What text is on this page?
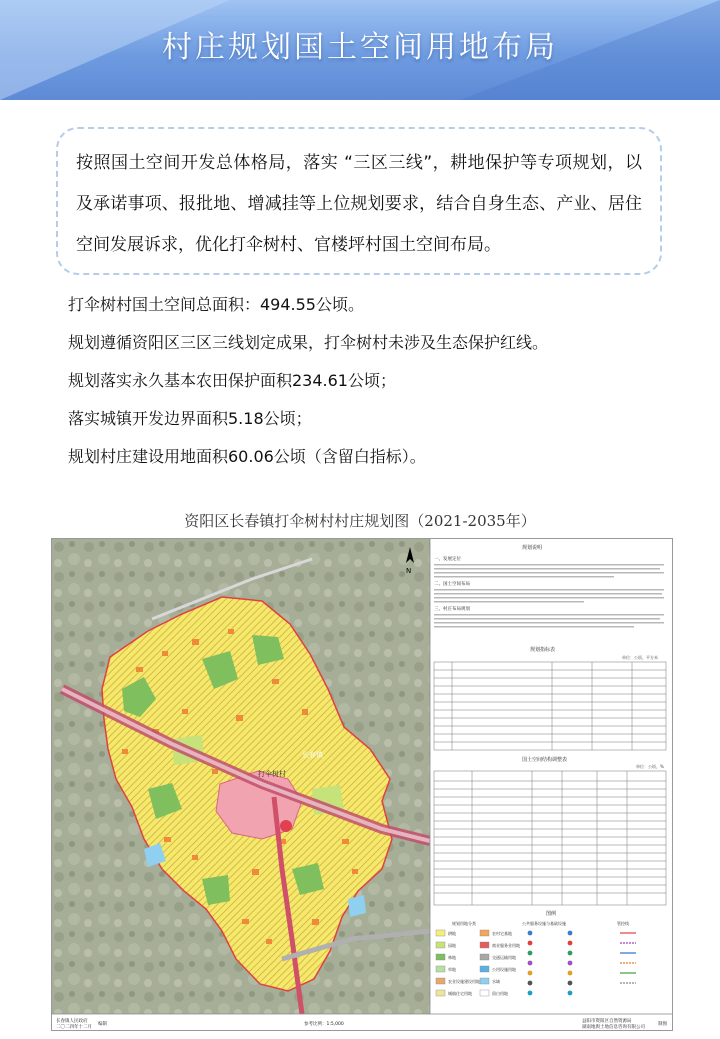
村庄规划国土空间用地布局

按照国土空间开发总体格局，落实 “三区三线”，耕地保护等专项规划，以及承诺事项、报批地、增减挂等上位规划要求，结合自身生态、产业、居住空间发展诉求，优化打伞树村、官楼坪村国土空间布局。

打伞树村国土空间总面积：494.55公顷。
规划遵循资阳区三区三线划定成果，打伞树村未涉及生态保护红线。
规划落实永久基本农田保护面积234.61公顷；
落实城镇开发边界面积5.18公顷；
规划村庄建设用地面积60.06公顷（含留白指标）。
资阳区长春镇打伞树村村庄规划图（2021-2035年）
长春镇
打伞树村
N
规划说明
一、发展定位
二、国土空间布局
三、村庄布局规划
规划指标表
单位：公顷，平方米
国土空间结构调整表
单位：公顷，%
图例
规划用地分类	公共服务设施与基础设施	管控线
耕地
园地
林地
草地
农业设施建设用地
城镇住宅用地
农村宅基地
商业服务业用地
交通运输用地
公用设施用地
水域
留白用地
长春镇人民政府
二〇二四年十二月
编制	参考比例：1:5,000
益阳市资阳区自然资源局
湖南地舆土地信息咨询有限公司
制图
